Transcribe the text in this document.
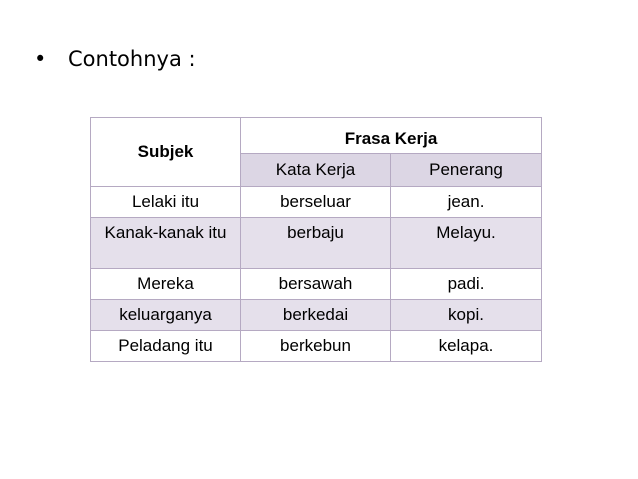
• Contohnya :
Subjek	Frasa Kerja	
	Kata Kerja	Penerang
Lelaki itu	berseluar	jean.
Kanak-kanak itu	berbaju	Melayu.
Mereka	bersawah	padi.
keluarganya	berkedai	kopi.
Peladang itu	berkebun	kelapa.
